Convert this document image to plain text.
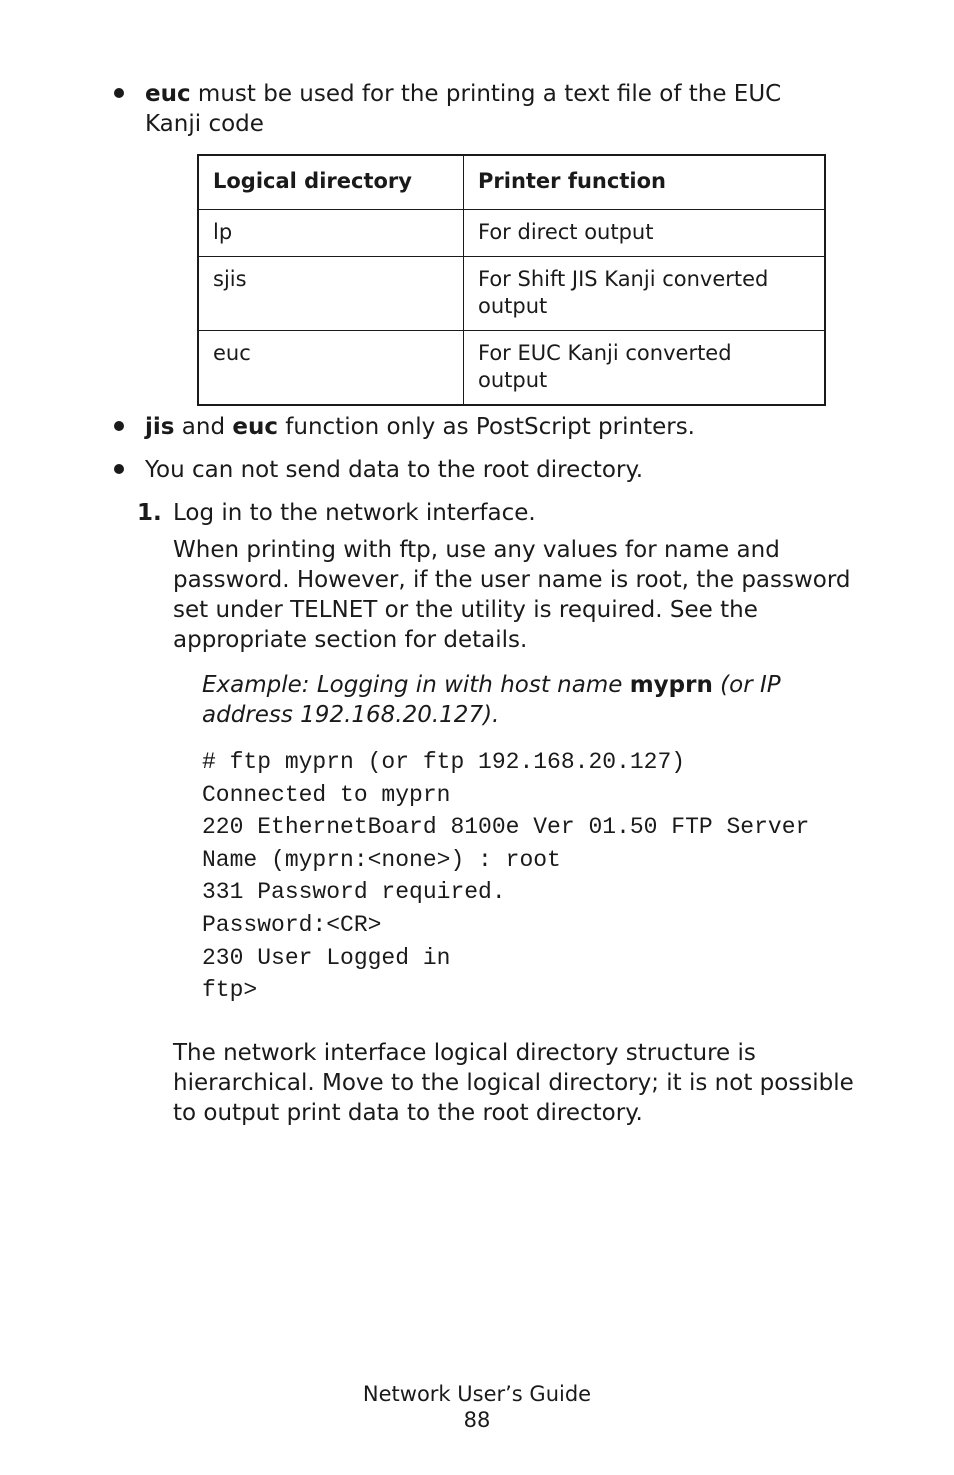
euc must be used for the printing a text file of the EUC
Kanji code
Logical directory	Printer function
lp	For direct output
sjis	For Shift JIS Kanji converted output
euc	For EUC Kanji converted output
jis and euc function only as PostScript printers.
You can not send data to the root directory.
1. Log in to the network interface.
When printing with ftp, use any values for name and password. However, if the user name is root, the password set under TELNET or the utility is required. See the appropriate section for details.
Example: Logging in with host name myprn (or IP address 192.168.20.127).
# ftp myprn (or ftp 192.168.20.127)
Connected to myprn
220 EthernetBoard 8100e Ver 01.50 FTP Server
Name (myprn:<none>) : root
331 Password required.
Password:<CR>
230 User Logged in
ftp>
The network interface logical directory structure is hierarchical. Move to the logical directory; it is not possible to output print data to the root directory.
Network User’s Guide
88
